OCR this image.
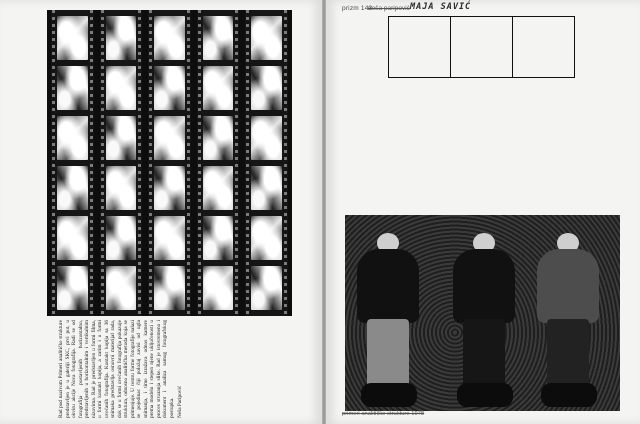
Rad pod nazivom Primeri analitičke strukture predstavljen je u galeriji SKC, prvi put, u okviru akcije Nova fotografija. Radi se od fotografija postavljenih horizontalno, predstavljenih u horizontalnim i vertikalnim nizovima. Rad je predstavljen u formi filma, u formi kontakt kopija, a zatim i u formi uvećanih fotografija. Kontakt kopija sa 36 snimaka predstavlja osnovni materijal rada, dok se u formi uvećanih fotografija pokazuje struktura, odnosno analitička metoda koja se primenjuje. U centru forme fotografije nalazi se pojedinac čiji položaj zavisi od ugla snimanja, i time izražava odnos kamere prema modelu i stepen njene uključenosti u proces stvaranja slike. Rad je istovremeno i dokument i analiza samog fotografskog postupka. Neša Paripović
prizm 143
neša paripović MAJA SAVIĆ
primeri analitičke strukture 1978
